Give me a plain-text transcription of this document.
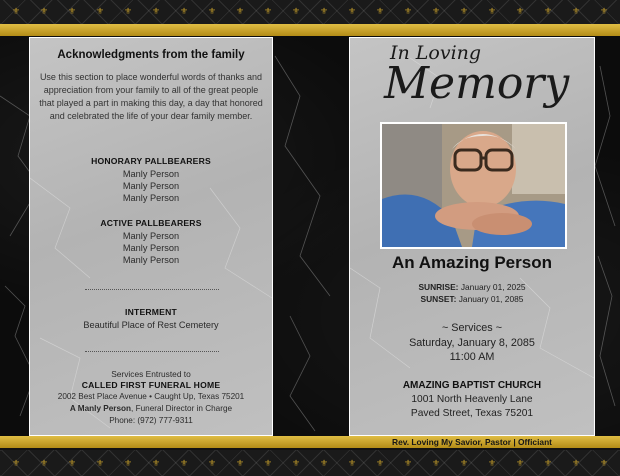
⚜ ⚜ ⚜ ⚜ ⚜ ⚜ ⚜ ⚜ ⚜ ⚜ ⚜ ⚜ ⚜ ⚜ ⚜ ⚜ ⚜ ⚜ ⚜ ⚜ ⚜ ⚜
⚜ ⚜ ⚜ ⚜ ⚜ ⚜ ⚜ ⚜ ⚜ ⚜ ⚜ ⚜ ⚜ ⚜ ⚜ ⚜ ⚜ ⚜ ⚜ ⚜ ⚜ ⚜
Acknowledgments from the family
Use this section to place wonderful words of thanks and appreciation from your family to all of the great people that played a part in making this day, a day that honored and celebrated the life of your dear family member.
HONORARY PALLBEARERS
Manly Person
Manly Person
Manly Person
ACTIVE PALLBEARERS
Manly Person
Manly Person
Manly Person
INTERMENT
Beautiful Place of Rest Cemetery
Services Entrusted to
CALLED FIRST FUNERAL HOME
2002 Best Place Avenue • Caught Up, Texas 75201
A Manly Person, Funeral Director in Charge
Phone: (972) 777-9311
In Loving
Memory
An Amazing Person
SUNRISE: January 01, 2025
SUNSET: January 01, 2085
~ Services ~
Saturday, January 8, 2085
11:00 AM
AMAZING BAPTIST CHURCH
1001 North Heavenly Lane
Paved Street, Texas 75201
Rev. Loving My Savior, Pastor | Officiant
